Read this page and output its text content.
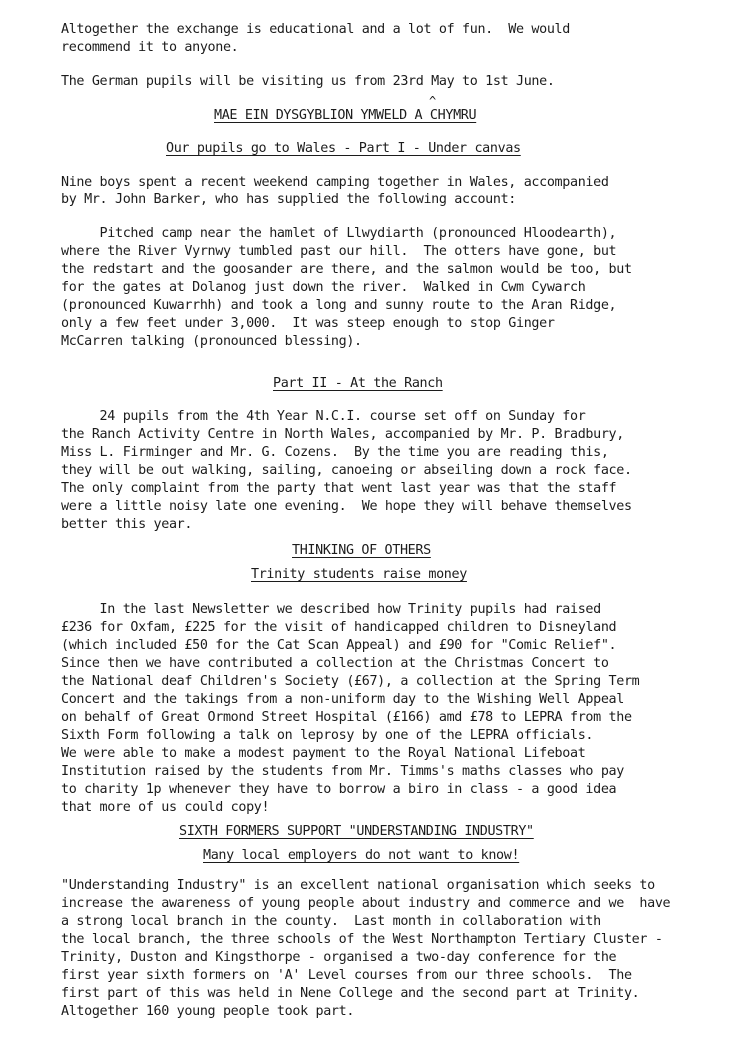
Altogether the exchange is educational and a lot of fun.  We would
recommend it to anyone.
The German pupils will be visiting us from 23rd May to 1st June.
^
MAE EIN DYSGYBLION YMWELD A CHYMRU
Our pupils go to Wales - Part I - Under canvas
Nine boys spent a recent weekend camping together in Wales, accompanied
by Mr. John Barker, who has supplied the following account:
Pitched camp near the hamlet of Llwydiarth (pronounced Hloodearth),
where the River Vyrnwy tumbled past our hill.  The otters have gone, but
the redstart and the goosander are there, and the salmon would be too, but
for the gates at Dolanog just down the river.  Walked in Cwm Cywarch
(pronounced Kuwarrhh) and took a long and sunny route to the Aran Ridge,
only a few feet under 3,000.  It was steep enough to stop Ginger
McCarren talking (pronounced blessing).
Part II - At the Ranch
24 pupils from the 4th Year N.C.I. course set off on Sunday for
the Ranch Activity Centre in North Wales, accompanied by Mr. P. Bradbury,
Miss L. Firminger and Mr. G. Cozens.  By the time you are reading this,
they will be out walking, sailing, canoeing or abseiling down a rock face.
The only complaint from the party that went last year was that the staff
were a little noisy late one evening.  We hope they will behave themselves
better this year.
THINKING OF OTHERS
Trinity students raise money
In the last Newsletter we described how Trinity pupils had raised
£236 for Oxfam, £225 for the visit of handicapped children to Disneyland
(which included £50 for the Cat Scan Appeal) and £90 for "Comic Relief".
Since then we have contributed a collection at the Christmas Concert to
the National deaf Children's Society (£67), a collection at the Spring Term
Concert and the takings from a non-uniform day to the Wishing Well Appeal
on behalf of Great Ormond Street Hospital (£166) amd £78 to LEPRA from the
Sixth Form following a talk on leprosy by one of the LEPRA officials.
We were able to make a modest payment to the Royal National Lifeboat
Institution raised by the students from Mr. Timms's maths classes who pay
to charity 1p whenever they have to borrow a biro in class - a good idea
that more of us could copy!
SIXTH FORMERS SUPPORT "UNDERSTANDING INDUSTRY"
Many local employers do not want to know!
"Understanding Industry" is an excellent national organisation which seeks to
increase the awareness of young people about industry and commerce and we  have
a strong local branch in the county.  Last month in collaboration with
the local branch, the three schools of the West Northampton Tertiary Cluster -
Trinity, Duston and Kingsthorpe - organised a two-day conference for the
first year sixth formers on 'A' Level courses from our three schools.  The
first part of this was held in Nene College and the second part at Trinity.
Altogether 160 young people took part.
